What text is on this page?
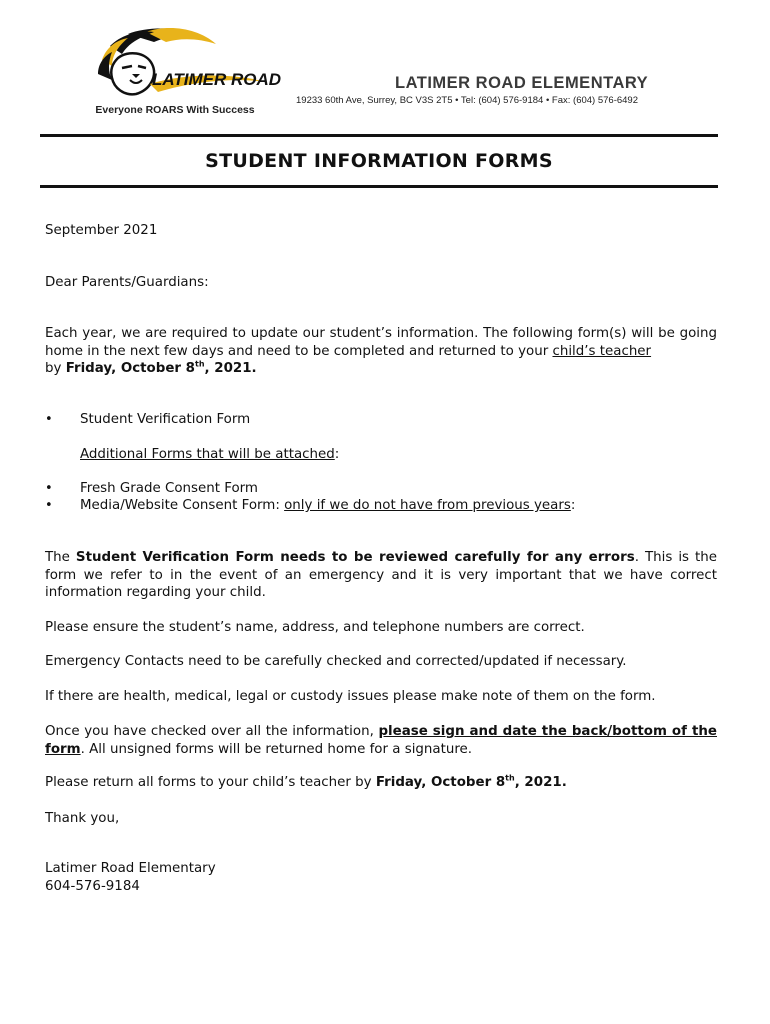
LATIMER ROAD
Everyone ROARS With Success
LATIMER ROAD ELEMENTARY
19233 60th Ave, Surrey, BC V3S 2T5 • Tel: (604) 576-9184 • Fax: (604) 576-6492
STUDENT INFORMATION FORMS

September 2021

Dear Parents/Guardians:

Each year, we are required to update our student’s information. The following form(s) will be going home in the next few days and need to be completed and returned to your child’s teacher
by Friday, October 8th, 2021.

• Student Verification Form

Additional Forms that will be attached:

• Fresh Grade Consent Form

• Media/Website Consent Form: only if we do not have from previous years:

The Student Verification Form needs to be reviewed carefully for any errors. This is the form we refer to in the event of an emergency and it is very important that we have correct information regarding your child.

Please ensure the student’s name, address, and telephone numbers are correct.

Emergency Contacts need to be carefully checked and corrected/updated if necessary.

If there are health, medical, legal or custody issues please make note of them on the form.

Once you have checked over all the information, please sign and date the back/bottom of the form. All unsigned forms will be returned home for a signature.

Please return all forms to your child’s teacher by Friday, October 8th, 2021.

Thank you,

Latimer Road Elementary

604-576-9184
